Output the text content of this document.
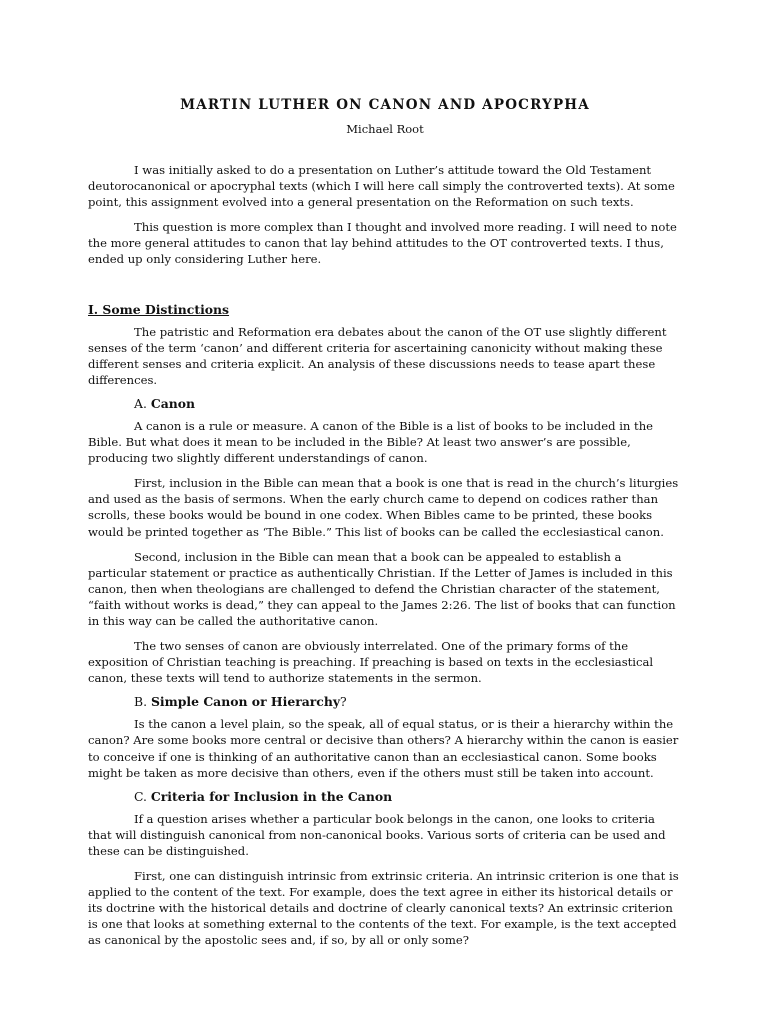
MARTIN LUTHER ON CANON AND APOCRYPHA
Michael Root

I was initially asked to do a presentation on Luther’s attitude toward the Old Testament deutorocanonical or apocryphal texts (which I will here call simply the controverted texts). At some point, this assignment evolved into a general presentation on the Reformation on such texts.

This question is more complex than I thought and involved more reading. I will need to note the more general attitudes to canon that lay behind attitudes to the OT controverted texts. I thus, ended up only considering Luther here.

I. Some Distinctions

The patristic and Reformation era debates about the canon of the OT use slightly different senses of the term ‘canon’ and different criteria for ascertaining canonicity without making these different senses and criteria explicit. An analysis of these discussions needs to tease apart these differences.

A. Canon

A canon is a rule or measure. A canon of the Bible is a list of books to be included in the Bible. But what does it mean to be included in the Bible? At least two answer’s are possible, producing two slightly different understandings of canon.

First, inclusion in the Bible can mean that a book is one that is read in the church’s liturgies and used as the basis of sermons. When the early church came to depend on codices rather than scrolls, these books would be bound in one codex. When Bibles came to be printed, these books would be printed together as ‘The Bible.” This list of books can be called the ecclesiastical canon.

Second, inclusion in the Bible can mean that a book can be appealed to establish a particular statement or practice as authentically Christian. If the Letter of James is included in this canon, then when theologians are challenged to defend the Christian character of the statement, “faith without works is dead,” they can appeal to the James 2:26. The list of books that can function in this way can be called the authoritative canon.

The two senses of canon are obviously interrelated. One of the primary forms of the exposition of Christian teaching is preaching. If preaching is based on texts in the ecclesiastical canon, these texts will tend to authorize statements in the sermon.

B. Simple Canon or Hierarchy?

Is the canon a level plain, so the speak, all of equal status, or is their a hierarchy within the canon? Are some books more central or decisive than others? A hierarchy within the canon is easier to conceive if one is thinking of an authoritative canon than an ecclesiastical canon. Some books might be taken as more decisive than others, even if the others must still be taken into account.

C. Criteria for Inclusion in the Canon

If a question arises whether a particular book belongs in the canon, one looks to criteria that will distinguish canonical from non-canonical books. Various sorts of criteria can be used and these can be distinguished.

First, one can distinguish intrinsic from extrinsic criteria. An intrinsic criterion is one that is applied to the content of the text. For example, does the text agree in either its historical details or its doctrine with the historical details and doctrine of clearly canonical texts? An extrinsic criterion is one that looks at something external to the contents of the text. For example, is the text accepted as canonical by the apostolic sees and, if so, by all or only some?
